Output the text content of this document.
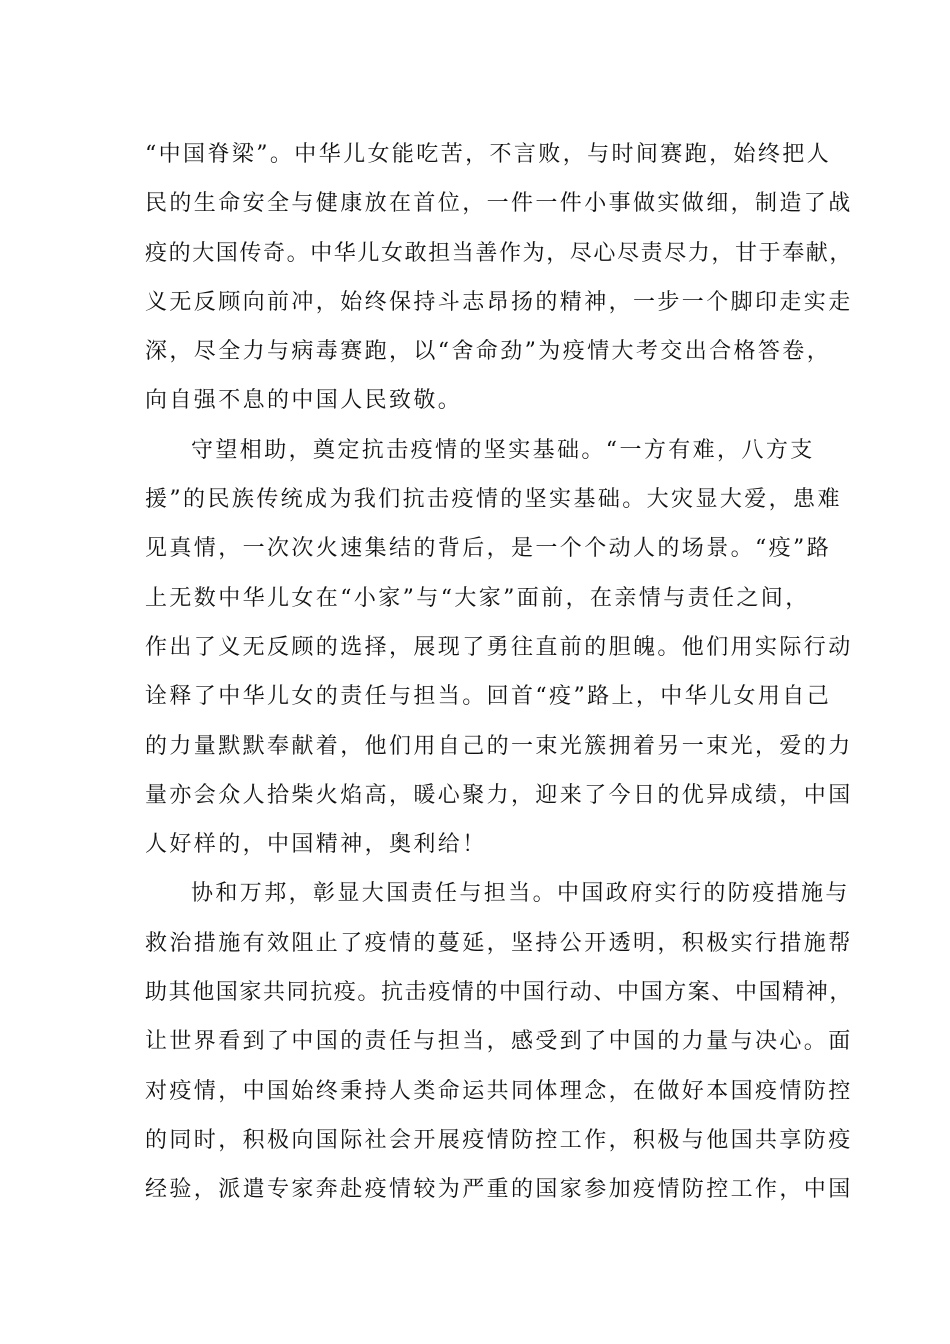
“中国脊梁”。中华儿女能吃苦，不言败，与时间赛跑，始终把人
民的生命安全与健康放在首位，一件一件小事做实做细，制造了战
疫的大国传奇。中华儿女敢担当善作为，尽心尽责尽力，甘于奉献，
义无反顾向前冲，始终保持斗志昂扬的精神，一步一个脚印走实走
深，尽全力与病毒赛跑，以“舍命劲”为疫情大考交出合格答卷，
向自强不息的中国人民致敬。
守望相助，奠定抗击疫情的坚实基础。“一方有难，八方支
援”的民族传统成为我们抗击疫情的坚实基础。大灾显大爱，患难
见真情，一次次火速集结的背后，是一个个动人的场景。“疫”路
上无数中华儿女在“小家”与“大家”面前，在亲情与责任之间，
作出了义无反顾的选择，展现了勇往直前的胆魄。他们用实际行动
诠释了中华儿女的责任与担当。回首“疫”路上，中华儿女用自己
的力量默默奉献着，他们用自己的一束光簇拥着另一束光，爱的力
量亦会众人拾柴火焰高，暖心聚力，迎来了今日的优异成绩，中国
人好样的，中国精神，奥利给！
协和万邦，彰显大国责任与担当。中国政府实行的防疫措施与
救治措施有效阻止了疫情的蔓延，坚持公开透明，积极实行措施帮
助其他国家共同抗疫。抗击疫情的中国行动、中国方案、中国精神，
让世界看到了中国的责任与担当，感受到了中国的力量与决心。面
对疫情，中国始终秉持人类命运共同体理念，在做好本国疫情防控
的同时，积极向国际社会开展疫情防控工作，积极与他国共享防疫
经验，派遣专家奔赴疫情较为严重的国家参加疫情防控工作，中国
